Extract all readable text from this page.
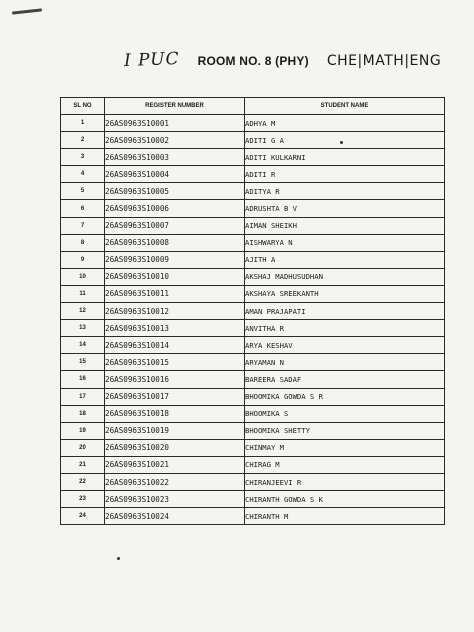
I PUC ROOM NO. 8 (PHY) CHE|MATH|ENG
SL NO	REGISTER NUMBER	STUDENT NAME
1	26AS0963S10001	ADHYA M
2	26AS0963S10002	ADITI G A
3	26AS0963S10003	ADITI KULKARNI
4	26AS0963S10004	ADITI R
5	26AS0963S10005	ADITYA R
6	26AS0963S10006	ADRUSHTA B V
7	26AS0963S10007	AIMAN SHEIKH
8	26AS0963S10008	AISHWARYA N
9	26AS0963S10009	AJITH A
10	26AS0963S10010	AKSHAJ MADHUSUDHAN
11	26AS0963S10011	AKSHAYA SREEKANTH
12	26AS0963S10012	AMAN PRAJAPATI
13	26AS0963S10013	ANVITHA R
14	26AS0963S10014	ARYA KESHAV
15	26AS0963S10015	ARYAMAN N
16	26AS0963S10016	BAREERA SADAF
17	26AS0963S10017	BHOOMIKA GOWDA S R
18	26AS0963S10018	BHOOMIKA S
19	26AS0963S10019	BHOOMIKA SHETTY
20	26AS0963S10020	CHINMAY M
21	26AS0963S10021	CHIRAG M
22	26AS0963S10022	CHIRANJEEVI R
23	26AS0963S10023	CHIRANTH GOWDA S K
24	26AS0963S10024	CHIRANTH M
